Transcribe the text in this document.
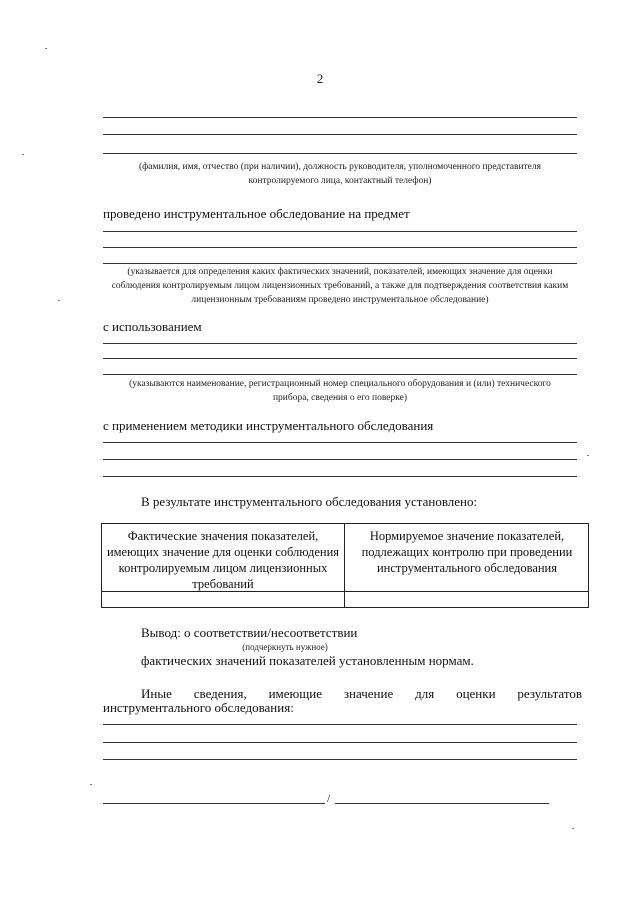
2
(фамилия, имя, отчество (при наличии), должность руководителя, уполномоченного представителя контролируемого лица, контактный телефон)
проведено инструментальное обследование на предмет
(указывается для определения каких фактических значений, показателей, имеющих значение для оценки соблюдения контролируемым лицом лицензионных требований, а также для подтверждения соответствия каким лицензионным требованиям проведено инструментальное обследование)
с использованием
(указываются наименование, регистрационный номер специального оборудования и (или) технического прибора, сведения о его поверке)
с применением методики инструментального обследования
В результате инструментального обследования установлено:
Фактические значения показателей, имеющих значение для оценки соблюдения контролируемым лицом лицензионных требований
Нормируемое значение показателей, подлежащих контролю при проведении инструментального обследования
Вывод: о соответствии/несоответствии
(подчеркнуть нужное)
фактических значений показателей установленным нормам.
Иные сведения, имеющие значение для оценки результатов
инструментального обследования:
/
